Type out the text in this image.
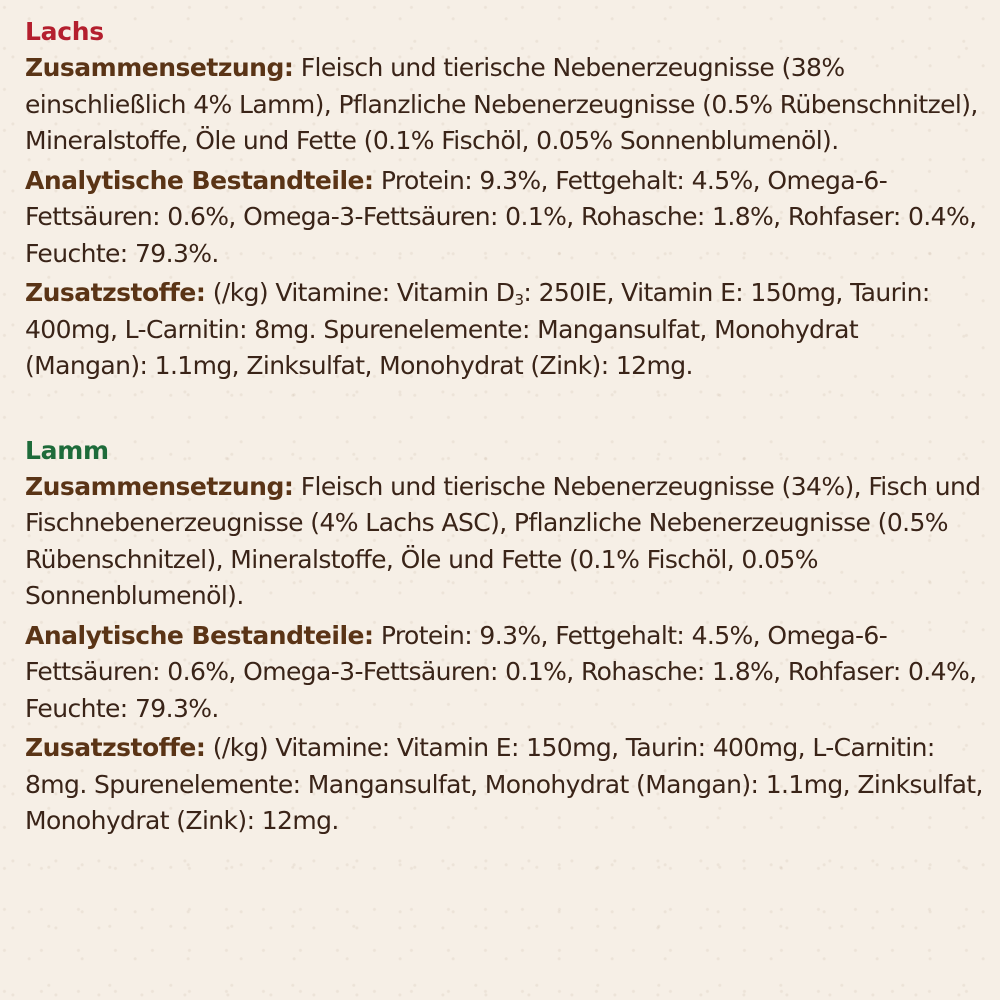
Lachs

Zusammensetzung: Fleisch und tierische Nebenerzeugnisse (38% einschließlich 4% Lamm), Pflanzliche Nebenerzeugnisse (0.5% Rübenschnitzel), Mineralstoffe, Öle und Fette (0.1% Fischöl, 0.05% Sonnenblumenöl).

Analytische Bestandteile: Protein: 9.3%, Fettgehalt: 4.5%, Omega-6-Fettsäuren: 0.6%, Omega-3-Fettsäuren: 0.1%, Rohasche: 1.8%, Rohfaser: 0.4%, Feuchte: 79.3%.

Zusatzstoffe: (/kg) Vitamine: Vitamin $D_3$: 250IE, Vitamin E: 150mg, Taurin: 400mg, L-Carnitin: 8mg. Spurenelemente: Mangansulfat, Monohydrat (Mangan): 1.1mg, Zinksulfat, Monohydrat (Zink): 12mg.

Lamm

Zusammensetzung: Fleisch und tierische Nebenerzeugnisse (34%), Fisch und Fischnebenerzeugnisse (4% Lachs ASC), Pflanzliche Nebenerzeugnisse (0.5% Rübenschnitzel), Mineralstoffe, Öle und Fette (0.1% Fischöl, 0.05% Sonnenblumenöl).

Analytische Bestandteile: Protein: 9.3%, Fettgehalt: 4.5%, Omega-6-Fettsäuren: 0.6%, Omega-3-Fettsäuren: 0.1%, Rohasche: 1.8%, Rohfaser: 0.4%, Feuchte: 79.3%.

Zusatzstoffe: (/kg) Vitamine: Vitamin E: 150mg, Taurin: 400mg, L-Carnitin: 8mg. Spurenelemente: Mangansulfat, Monohydrat (Mangan): 1.1mg, Zinksulfat, Monohydrat (Zink): 12mg.
